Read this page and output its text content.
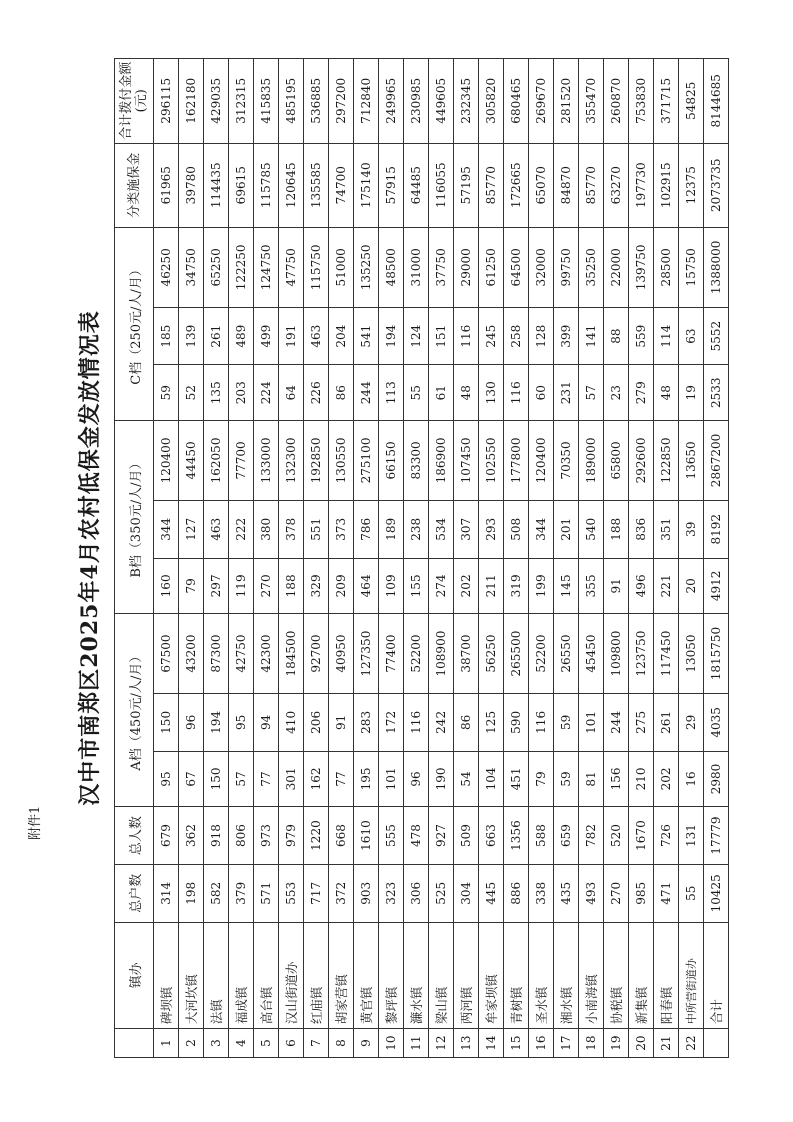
附件1
汉中市南郑区2025年4月农村低保金发放情况表
	镇办	总户数	总人数	A档（450元/人/月）			B档（350元/人/月）			C档（250元/人/月）			分类施保金	合计拨付金额(元)
1	碑坝镇	314	679	95	150	67500	160	344	120400	59	185	46250	61965	296115
2	大河坎镇	198	362	67	96	43200	79	127	44450	52	139	34750	39780	162180
3	法镇	582	918	150	194	87300	297	463	162050	135	261	65250	114435	429035
4	福成镇	379	806	57	95	42750	119	222	77700	203	489	122250	69615	312315
5	高台镇	571	973	77	94	42300	270	380	133000	224	499	124750	115785	415835
6	汉山街道办	553	979	301	410	184500	188	378	132300	64	191	47750	120645	485195
7	红庙镇	717	1220	162	206	92700	329	551	192850	226	463	115750	135585	536885
8	胡家营镇	372	668	77	91	40950	209	373	130550	86	204	51000	74700	297200
9	黄官镇	903	1610	195	283	127350	464	786	275100	244	541	135250	175140	712840
10	黎坪镇	323	555	101	172	77400	109	189	66150	113	194	48500	57915	249965
11	濂水镇	306	478	96	116	52200	155	238	83300	55	124	31000	64485	230985
12	梁山镇	525	927	190	242	108900	274	534	186900	61	151	37750	116055	449605
13	两河镇	304	509	54	86	38700	202	307	107450	48	116	29000	57195	232345
14	牟家坝镇	445	663	104	125	56250	211	293	102550	130	245	61250	85770	305820
15	青树镇	886	1356	451	590	265500	319	508	177800	116	258	64500	172665	680465
16	圣水镇	338	588	79	116	52200	199	344	120400	60	128	32000	65070	269670
17	湘水镇	435	659	59	59	26550	145	201	70350	231	399	99750	84870	281520
18	小南海镇	493	782	81	101	45450	355	540	189000	57	141	35250	85770	355470
19	协税镇	270	520	156	244	109800	91	188	65800	23	88	22000	63270	260870
20	新集镇	985	1670	210	275	123750	496	836	292600	279	559	139750	197730	753830
21	阳春镇	471	726	202	261	117450	221	351	122850	48	114	28500	102915	371715
22	中所营街道办	55	131	16	29	13050	20	39	13650	19	63	15750	12375	54825
	合计	10425	17779	2980	4035	1815750	4912	8192	2867200	2533	5552	1388000	2073735	8144685
